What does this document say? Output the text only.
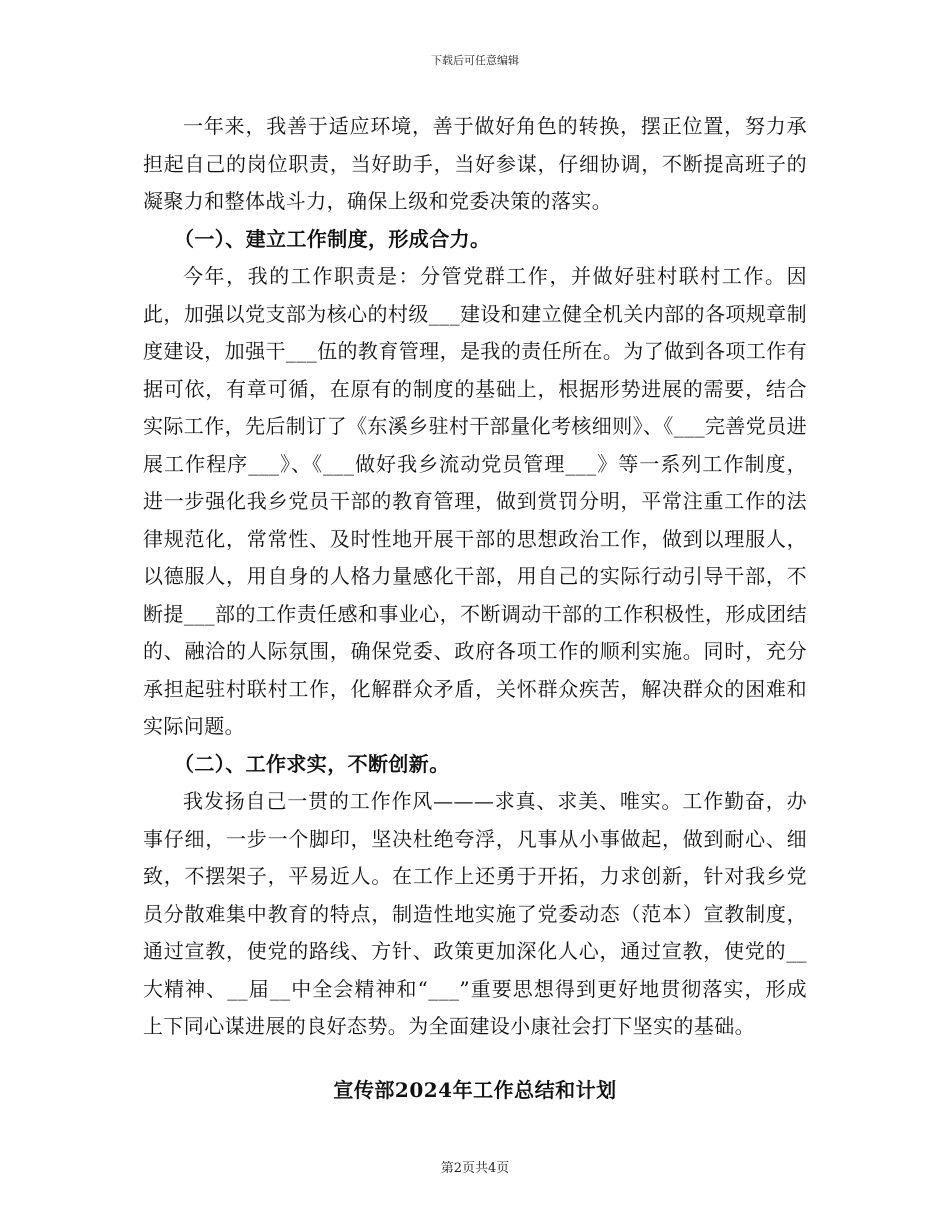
下载后可任意编辑

一年来，我善于适应环境，善于做好角色的转换，摆正位置，努力承担起自己的岗位职责，当好助手，当好参谋，仔细协调，不断提高班子的凝聚力和整体战斗力，确保上级和党委决策的落实。

（一）、建立工作制度，形成合力。

今年，我的工作职责是：分管党群工作，并做好驻村联村工作。因此，加强以党支部为核心的村级___建设和建立健全机关内部的各项规章制度建设，加强干___伍的教育管理，是我的责任所在。为了做到各项工作有据可依，有章可循，在原有的制度的基础上，根据形势进展的需要，结合实际工作，先后制订了《东溪乡驻村干部量化考核细则》、《___完善党员进展工作程序___》、《___做好我乡流动党员管理___》等一系列工作制度，进一步强化我乡党员干部的教育管理，做到赏罚分明，平常注重工作的法律规范化，常常性、及时性地开展干部的思想政治工作，做到以理服人，以德服人，用自身的人格力量感化干部，用自己的实际行动引导干部，不断提___部的工作责任感和事业心，不断调动干部的工作积极性，形成团结的、融洽的人际氛围，确保党委、政府各项工作的顺利实施。同时，充分承担起驻村联村工作，化解群众矛盾，关怀群众疾苦，解决群众的困难和实际问题。

（二）、工作求实，不断创新。

我发扬自己一贯的工作作风———求真、求美、唯实。工作勤奋，办事仔细，一步一个脚印，坚决杜绝夸浮，凡事从小事做起，做到耐心、细致，不摆架子，平易近人。在工作上还勇于开拓，力求创新，针对我乡党员分散难集中教育的特点，制造性地实施了党委动态（范本）宣教制度，通过宣教，使党的路线、方针、政策更加深化人心，通过宣教，使党的__大精神、__届__中全会精神和“___”重要思想得到更好地贯彻落实，形成上下同心谋进展的良好态势。为全面建设小康社会打下坚实的基础。

宣传部2024年工作总结和计划
第2页共4页
